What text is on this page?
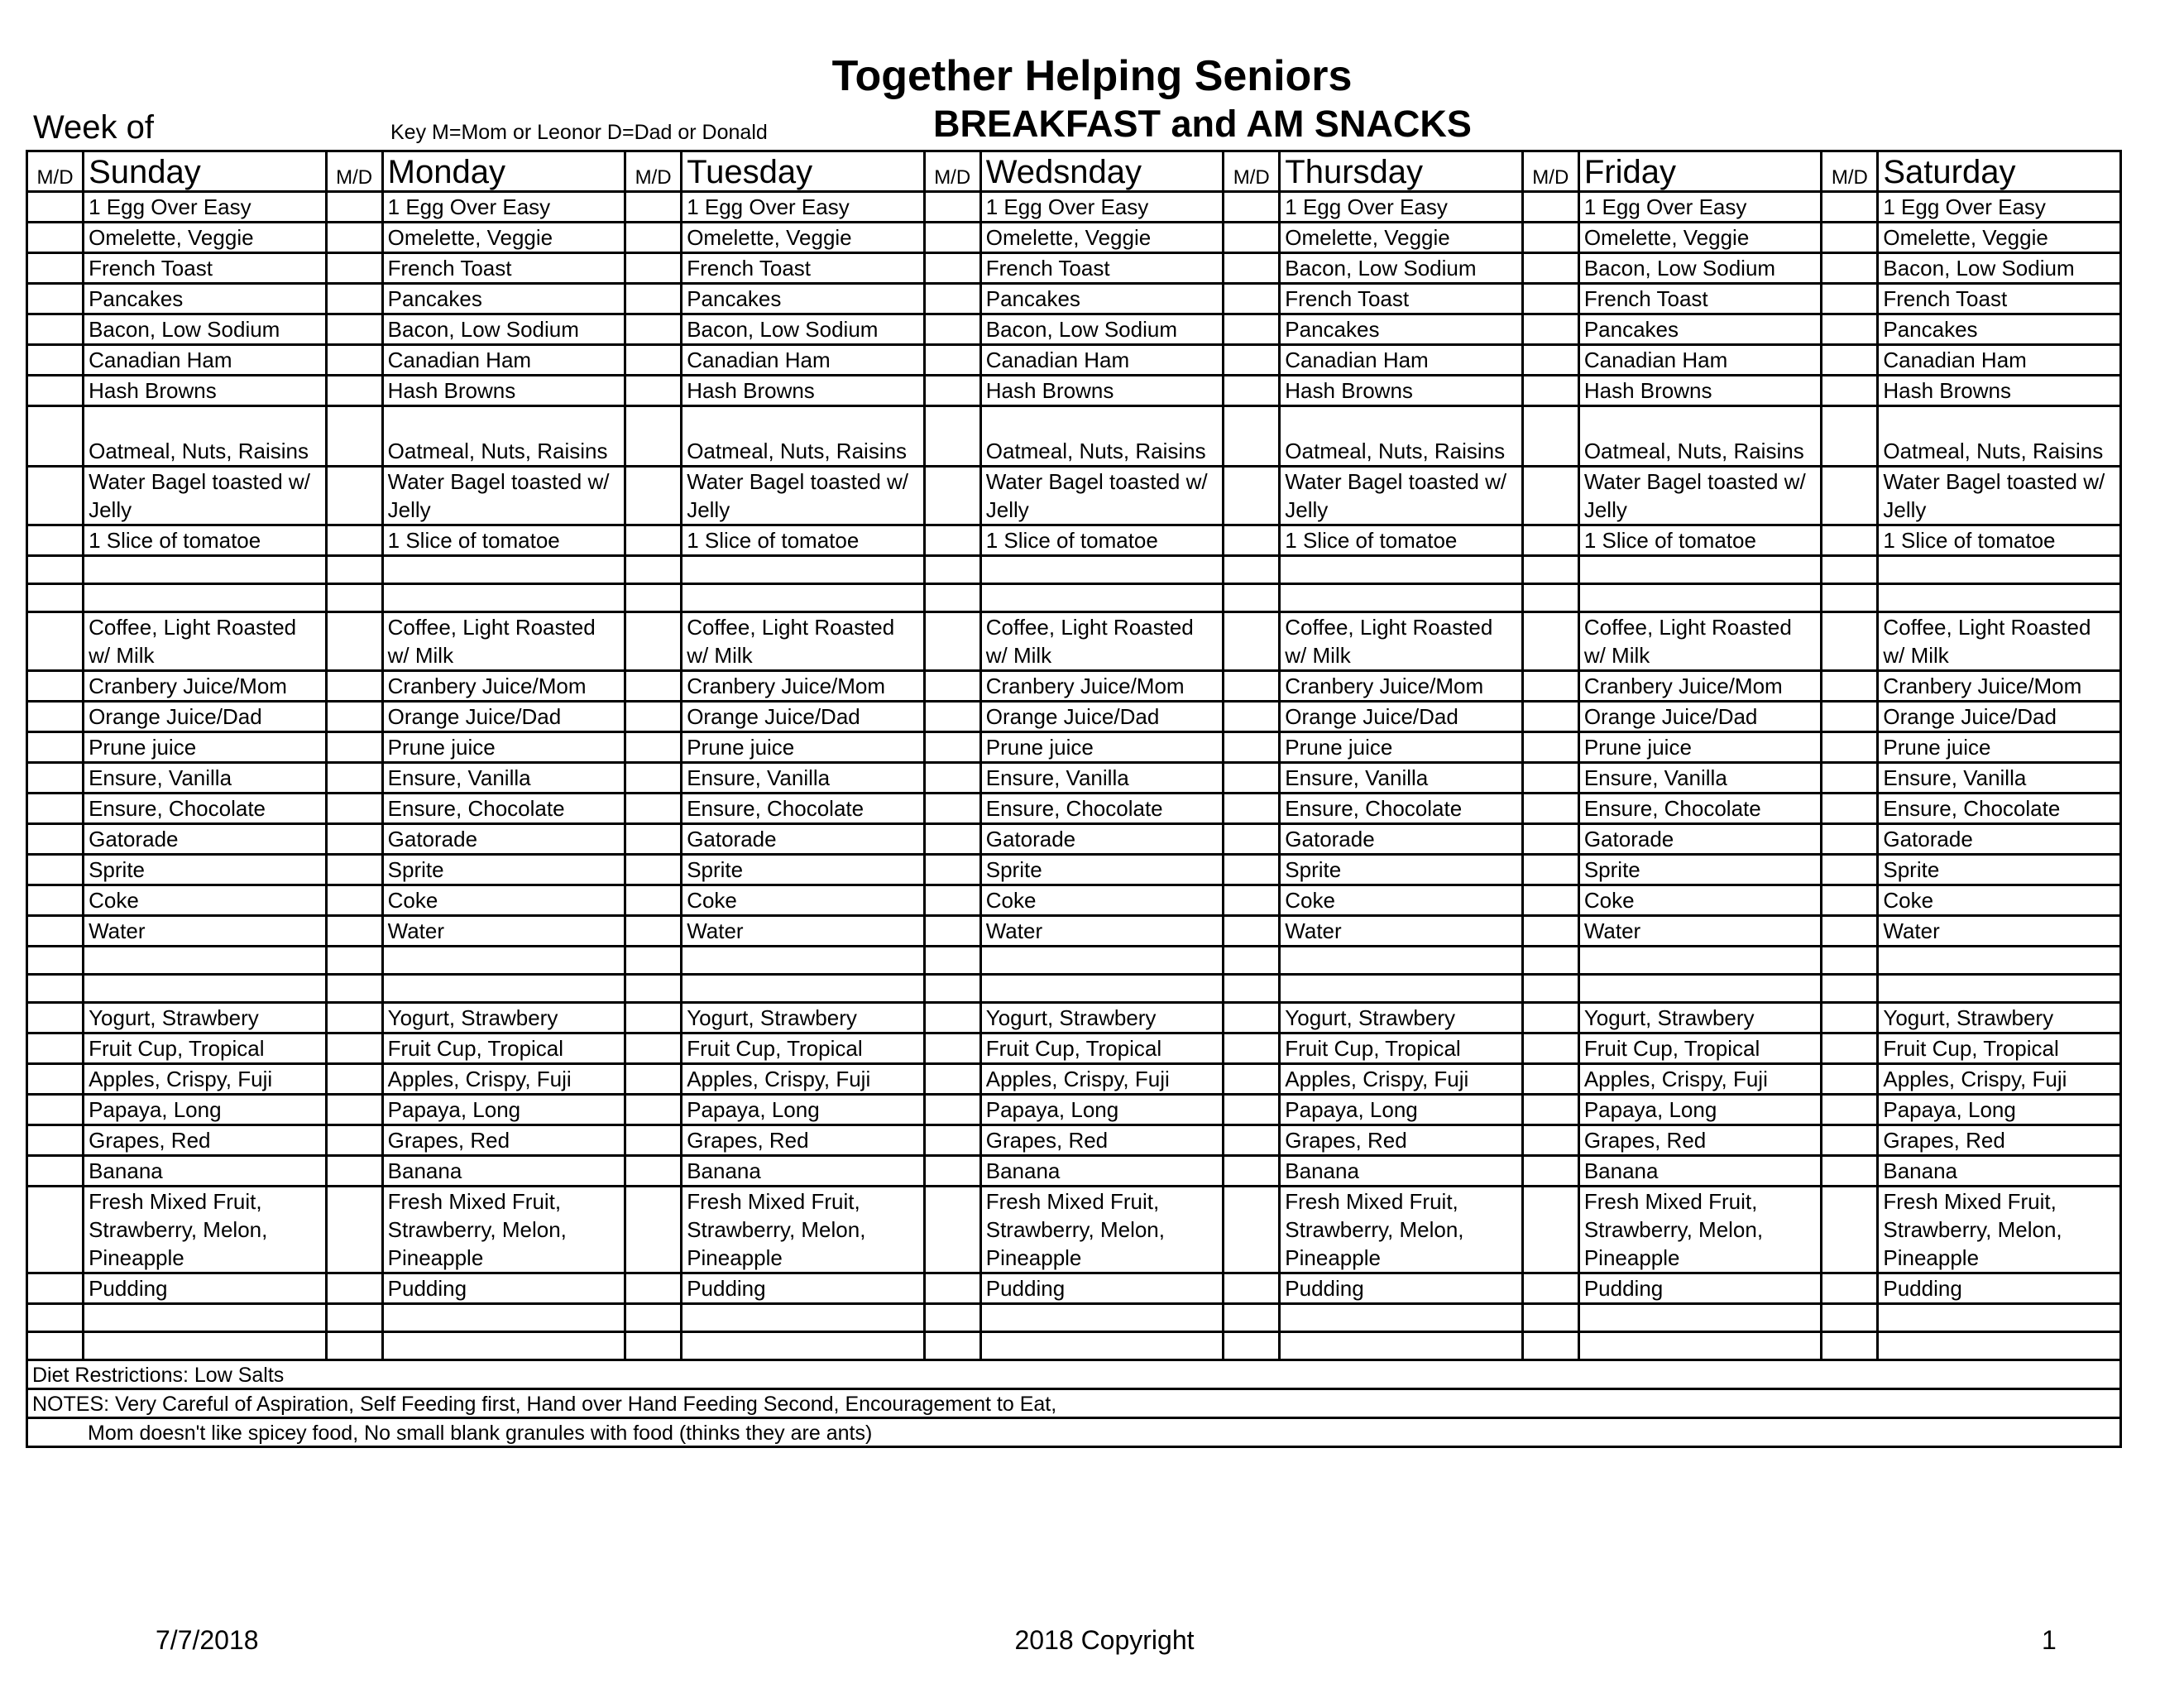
Together Helping Seniors
Week of	Key M=Mom or Leonor D=Dad or Donald	BREAKFAST and AM SNACKS
M/D	Sunday	M/D	Monday	M/D	Tuesday	M/D	Wedsnday	M/D	Thursday	M/D	Friday	M/D	Saturday
	1 Egg Over Easy		1 Egg Over Easy		1 Egg Over Easy		1 Egg Over Easy		1 Egg Over Easy		1 Egg Over Easy		1 Egg Over Easy
	Omelette, Veggie		Omelette, Veggie		Omelette, Veggie		Omelette, Veggie		Omelette, Veggie		Omelette, Veggie		Omelette, Veggie
	French Toast		French Toast		French Toast		French Toast		Bacon, Low Sodium		Bacon, Low Sodium		Bacon, Low Sodium
	Pancakes		Pancakes		Pancakes		Pancakes		French Toast		French Toast		French Toast
	Bacon, Low Sodium		Bacon, Low Sodium		Bacon, Low Sodium		Bacon, Low Sodium		Pancakes		Pancakes		Pancakes
	Canadian Ham		Canadian Ham		Canadian Ham		Canadian Ham		Canadian Ham		Canadian Ham		Canadian Ham
	Hash Browns		Hash Browns		Hash Browns		Hash Browns		Hash Browns		Hash Browns		Hash Browns
	Oatmeal, Nuts, Raisins		Oatmeal, Nuts, Raisins		Oatmeal, Nuts, Raisins		Oatmeal, Nuts, Raisins		Oatmeal, Nuts, Raisins		Oatmeal, Nuts, Raisins		Oatmeal, Nuts, Raisins
	Water Bagel toasted w/
Jelly		Water Bagel toasted w/
Jelly		Water Bagel toasted w/
Jelly		Water Bagel toasted w/
Jelly		Water Bagel toasted w/
Jelly		Water Bagel toasted w/
Jelly		Water Bagel toasted w/
Jelly
	1 Slice of tomatoe		1 Slice of tomatoe		1 Slice of tomatoe		1 Slice of tomatoe		1 Slice of tomatoe		1 Slice of tomatoe		1 Slice of tomatoe

	Coffee, Light Roasted
w/ Milk		Coffee, Light Roasted
w/ Milk		Coffee, Light Roasted
w/ Milk		Coffee, Light Roasted
w/ Milk		Coffee, Light Roasted
w/ Milk		Coffee, Light Roasted
w/ Milk		Coffee, Light Roasted
w/ Milk
	Cranbery Juice/Mom		Cranbery Juice/Mom		Cranbery Juice/Mom		Cranbery Juice/Mom		Cranbery Juice/Mom		Cranbery Juice/Mom		Cranbery Juice/Mom
	Orange Juice/Dad		Orange Juice/Dad		Orange Juice/Dad		Orange Juice/Dad		Orange Juice/Dad		Orange Juice/Dad		Orange Juice/Dad
	Prune juice		Prune juice		Prune juice		Prune juice		Prune juice		Prune juice		Prune juice
	Ensure, Vanilla		Ensure, Vanilla		Ensure, Vanilla		Ensure, Vanilla		Ensure, Vanilla		Ensure, Vanilla		Ensure, Vanilla
	Ensure, Chocolate		Ensure, Chocolate		Ensure, Chocolate		Ensure, Chocolate		Ensure, Chocolate		Ensure, Chocolate		Ensure, Chocolate
	Gatorade		Gatorade		Gatorade		Gatorade		Gatorade		Gatorade		Gatorade
	Sprite		Sprite		Sprite		Sprite		Sprite		Sprite		Sprite
	Coke		Coke		Coke		Coke		Coke		Coke		Coke
	Water		Water		Water		Water		Water		Water		Water

	Yogurt, Strawbery		Yogurt, Strawbery		Yogurt, Strawbery		Yogurt, Strawbery		Yogurt, Strawbery		Yogurt, Strawbery		Yogurt, Strawbery
	Fruit Cup, Tropical		Fruit Cup, Tropical		Fruit Cup, Tropical		Fruit Cup, Tropical		Fruit Cup, Tropical		Fruit Cup, Tropical		Fruit Cup, Tropical
	Apples, Crispy, Fuji		Apples, Crispy, Fuji		Apples, Crispy, Fuji		Apples, Crispy, Fuji		Apples, Crispy, Fuji		Apples, Crispy, Fuji		Apples, Crispy, Fuji
	Papaya, Long		Papaya, Long		Papaya, Long		Papaya, Long		Papaya, Long		Papaya, Long		Papaya, Long
	Grapes, Red		Grapes, Red		Grapes, Red		Grapes, Red		Grapes, Red		Grapes, Red		Grapes, Red
	Banana		Banana		Banana		Banana		Banana		Banana		Banana
	Fresh Mixed Fruit,
Strawberry, Melon,
Pineapple		Fresh Mixed Fruit,
Strawberry, Melon,
Pineapple		Fresh Mixed Fruit,
Strawberry, Melon,
Pineapple		Fresh Mixed Fruit,
Strawberry, Melon,
Pineapple		Fresh Mixed Fruit,
Strawberry, Melon,
Pineapple		Fresh Mixed Fruit,
Strawberry, Melon,
Pineapple		Fresh Mixed Fruit,
Strawberry, Melon,
Pineapple
	Pudding		Pudding		Pudding		Pudding		Pudding		Pudding		Pudding

Diet Restrictions: Low Salts													
NOTES: Very Careful of Aspiration, Self Feeding first, Hand over Hand Feeding Second, Encouragement to Eat,													
Mom doesn't like spicey food, No small blank granules with food (thinks they are ants)													
7/7/2018	2018 Copyright	1
